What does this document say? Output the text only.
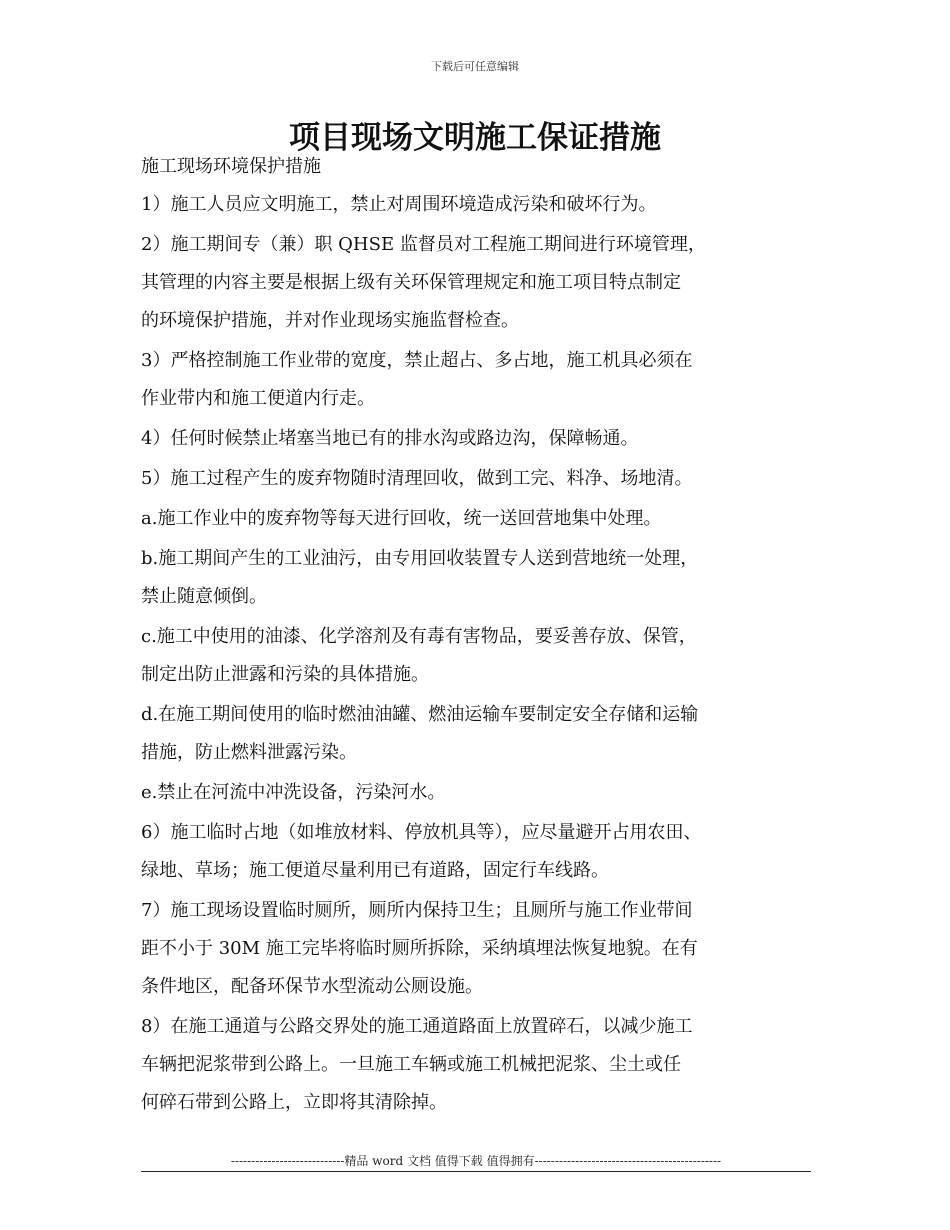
下载后可任意编辑
项目现场文明施工保证措施
施工现场环境保护措施

1）施工人员应文明施工，禁止对周围环境造成污染和破坏行为。

2）施工期间专（兼）职 QHSE 监督员对工程施工期间进行环境管理，
其管理的内容主要是根据上级有关环保管理规定和施工项目特点制定
的环境保护措施，并对作业现场实施监督检查。

3）严格控制施工作业带的宽度，禁止超占、多占地，施工机具必须在
作业带内和施工便道内行走。

4）任何时候禁止堵塞当地已有的排水沟或路边沟，保障畅通。

5）施工过程产生的废弃物随时清理回收，做到工完、料净、场地清。

a.施工作业中的废弃物等每天进行回收，统一送回营地集中处理。

b.施工期间产生的工业油污，由专用回收装置专人送到营地统一处理，
禁止随意倾倒。

c.施工中使用的油漆、化学溶剂及有毒有害物品，要妥善存放、保管，
制定出防止泄露和污染的具体措施。

d.在施工期间使用的临时燃油油罐、燃油运输车要制定安全存储和运输
措施，防止燃料泄露污染。

e.禁止在河流中冲洗设备，污染河水。

6）施工临时占地（如堆放材料、停放机具等），应尽量避开占用农田、
绿地、草场；施工便道尽量利用已有道路，固定行车线路。

7）施工现场设置临时厕所，厕所内保持卫生；且厕所与施工作业带间
距不小于 30M 施工完毕将临时厕所拆除，采纳填埋法恢复地貌。在有
条件地区，配备环保节水型流动公厕设施。

8）在施工通道与公路交界处的施工通道路面上放置碎石，以减少施工
车辆把泥浆带到公路上。一旦施工车辆或施工机械把泥浆、尘土或任
何碎石带到公路上，立即将其清除掉。

----------------------------精品 word 文档 值得下载 值得拥有----------------------------------------------
